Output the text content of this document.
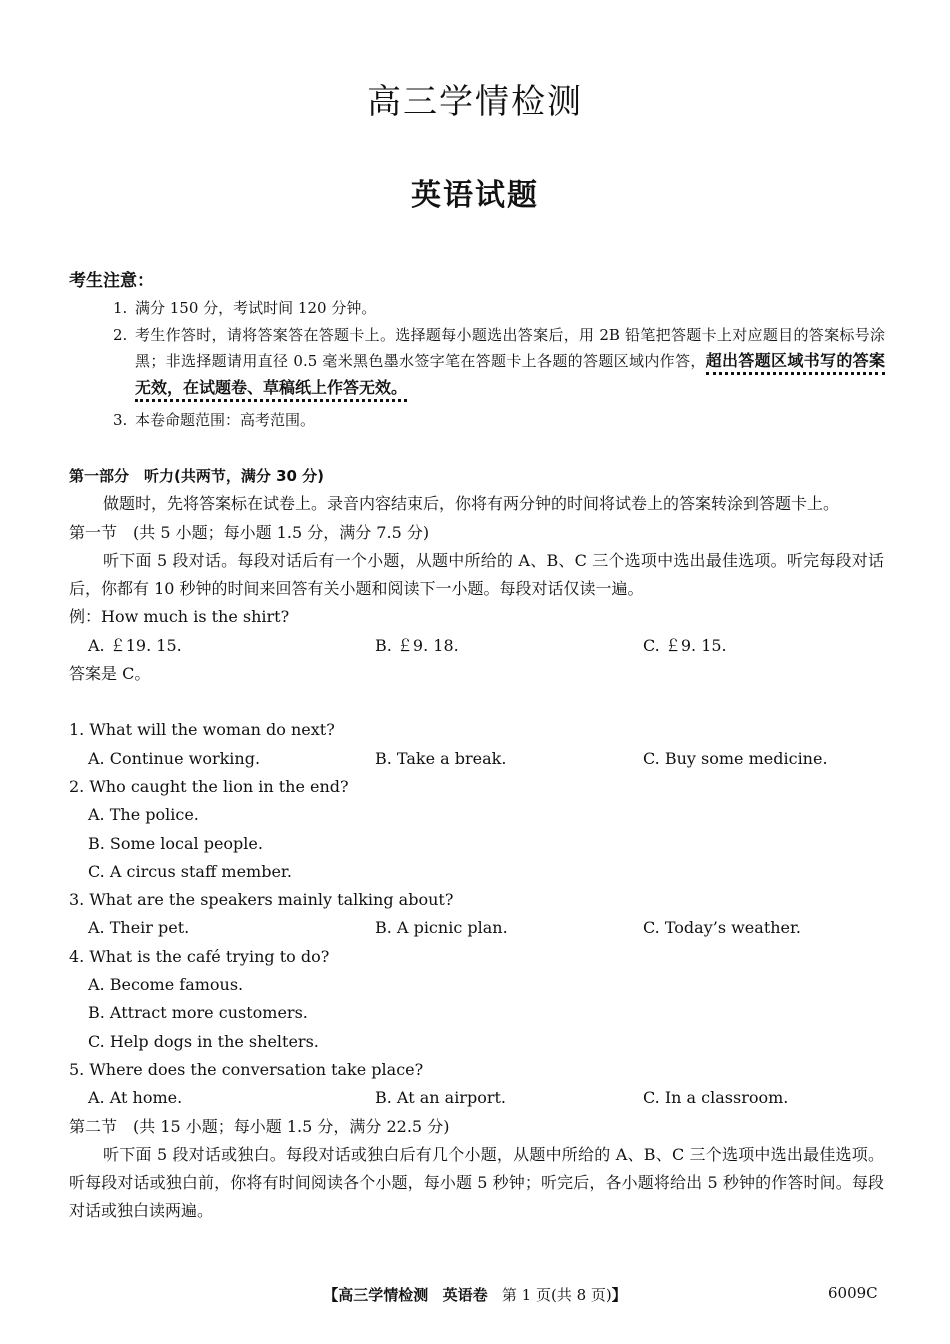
高三学情检测
英语试题
考生注意：
1. 满分 150 分，考试时间 120 分钟。
2. 考生作答时，请将答案答在答题卡上。选择题每小题选出答案后，用 2B 铅笔把答题卡上对应题目的答案标号涂黑；非选择题请用直径 0.5 毫米黑色墨水签字笔在答题卡上各题的答题区域内作答，超出答题区域书写的答案无效，在试题卷、草稿纸上作答无效。
3. 本卷命题范围：高考范围。
第一部分　听力(共两节，满分 30 分)
做题时，先将答案标在试卷上。录音内容结束后，你将有两分钟的时间将试卷上的答案转涂到答题卡上。
第一节　(共 5 小题；每小题 1.5 分，满分 7.5 分)
听下面 5 段对话。每段对话后有一个小题，从题中所给的 A、B、C 三个选项中选出最佳选项。听完每段对话后，你都有 10 秒钟的时间来回答有关小题和阅读下一小题。每段对话仅读一遍。
例：How much is the shirt?
A. ￡19. 15.	B. ￡9. 18.	C. ￡9. 15.
答案是 C。
1. What will the woman do next?
A. Continue working.	B. Take a break.	C. Buy some medicine.
2. Who caught the lion in the end?
A. The police.
B. Some local people.
C. A circus staff member.
3. What are the speakers mainly talking about?
A. Their pet.	B. A picnic plan.	C. Today’s weather.
4. What is the café trying to do?
A. Become famous.
B. Attract more customers.
C. Help dogs in the shelters.
5. Where does the conversation take place?
A. At home.	B. At an airport.	C. In a classroom.
第二节　(共 15 小题；每小题 1.5 分，满分 22.5 分)
听下面 5 段对话或独白。每段对话或独白后有几个小题，从题中所给的 A、B、C 三个选项中选出最佳选项。听每段对话或独白前，你将有时间阅读各个小题，每小题 5 秒钟；听完后，各小题将给出 5 秒钟的作答时间。每段对话或独白读两遍。
【高三学情检测 英语卷 第 1 页(共 8 页)】	6009C
